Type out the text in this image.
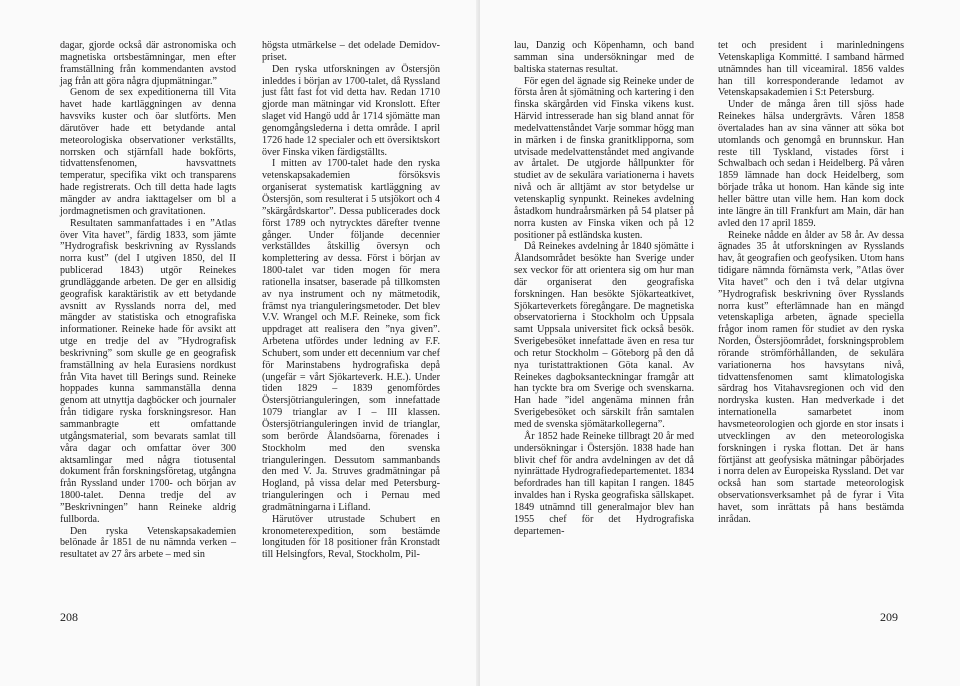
dagar, gjorde också där astronomiska och magnetiska ortsbestämningar, men efter framställning från kommendanten avstod jag från att göra några djupmätningar.”

Genom de sex expeditionerna till Vita havet hade kartläggningen av denna havsviks kuster och öar slutförts. Men därutöver hade ett betydande antal meteorologiska observationer verkställts, norrsken och stjärnfall hade bokförts, tidvattensfenomen, havsvattnets temperatur, specifika vikt och transparens hade registrerats. Och till detta hade lagts mängder av andra iakttagelser om bl a jordmagnetismen och gravitationen.

Resultaten sammanfattades i en ”Atlas över Vita havet”, färdig 1833, som jämte ”Hydrografisk beskrivning av Rysslands norra kust” (del I utgiven 1850, del II publicerad 1843) utgör Reinekes grundläggande arbeten. De ger en allsidig geografisk karaktäristik av ett betydande avsnitt av Rysslands norra del, med mängder av statistiska och etnografiska informationer. Reineke hade för avsikt att utge en tredje del av ”Hydrografisk beskrivning” som skulle ge en geografisk framställning av hela Eurasiens nordkust från Vita havet till Berings sund. Reineke hoppades kunna sammanställa denna genom att utnyttja dagböcker och journaler från tidigare ryska forskningsresor. Han sammanbragte ett omfattande utgångsmaterial, som bevarats samlat till våra dagar och omfattar över 300 aktsamlingar med några tiotusental dokument från forskningsföretag, utgångna från Ryssland under 1700- och början av 1800-talet. Denna tredje del av ”Beskrivningen” hann Reineke aldrig fullborda.

Den ryska Vetenskapsakademien belönade år 1851 de nu nämnda verken – resultatet av 27 års arbete – med sin

högsta utmärkelse – det odelade Demidov-priset.

Den ryska utforskningen av Östersjön inleddes i början av 1700-talet, då Ryssland just fått fast fot vid detta hav. Redan 1710 gjorde man mätningar vid Kronslott. Efter slaget vid Hangö udd år 1714 sjömätte man genomgångslederna i detta område. I april 1726 hade 12 specialer och ett översiktskort över Finska viken färdigställts.

I mitten av 1700-talet hade den ryska vetenskapsakademien försöksvis organiserat systematisk kartläggning av Östersjön, som resulterat i 5 utsjökort och 4 ”skärgårdskartor”. Dessa publicerades dock först 1789 och nytrycktes därefter tvenne gånger. Under följande decennier verkställdes åtskillig översyn och komplettering av dessa. Först i början av 1800-talet var tiden mogen för mera rationella insatser, baserade på tillkomsten av nya instrument och ny mätmetodik, främst nya trianguleringsmetoder. Det blev V.V. Wrangel och M.F. Reineke, som fick uppdraget att realisera den ”nya given”. Arbetena utfördes under ledning av F.F. Schubert, som under ett decennium var chef för Marinstabens hydrografiska depå (ungefär = vårt Sjökarteverk. H.E.). Under tiden 1829 – 1839 genomfördes Östersjötrianguleringen, som innefattade 1079 trianglar av I – III klassen. Östersjötrianguleringen invid de trianglar, som berörde Ålandsöarna, förenades i Stockholm med den svenska trianguleringen. Dessutom sammanbands den med V. Ja. Struves gradmätningar på Hogland, på vissa delar med Petersburg-trianguleringen och i Pernau med gradmätningarna i Lifland.

Härutöver utrustade Schubert en kronometerexpedition, som bestämde longituden för 18 positioner från Kronstadt till Helsingfors, Reval, Stockholm, Pil-

208

lau, Danzig och Köpenhamn, och band samman sina undersökningar med de baltiska staternas resultat.

För egen del ägnade sig Reineke under de första åren åt sjömätning och kartering i den finska skärgården vid Finska vikens kust. Härvid intresserade han sig bland annat för medelvattenståndet Varje sommar högg man in märken i de finska granitklipporna, som utvisade medelvattenståndet med angivande av årtalet. De utgjorde hållpunkter för studiet av de sekulära variationerna i havets nivå och är alltjämt av stor betydelse ur vetenskaplig synpunkt. Reinekes avdelning åstadkom hundraårsmärken på 54 platser på norra kusten av Finska viken och på 12 positioner på estländska kusten.

Då Reinekes avdelning år 1840 sjömätte i Ålandsområdet besökte han Sverige under sex veckor för att orientera sig om hur man där organiserat den geografiska forskningen. Han besökte Sjökarteatkivet, Sjökarteverkets föregångare. De magnetiska observatorierna i Stockholm och Uppsala samt Uppsala universitet fick också besök. Sverigebesöket innefattade även en resa tur och retur Stockholm – Göteborg på den då nya turistattraktionen Göta kanal. Av Reinekes dagboksanteckningar framgår att han tyckte bra om Sverige och svenskarna. Han hade ”idel angenäma minnen från Sverigebesöket och särskilt från samtalen med de svenska sjömätarkollegerna”.

År 1852 hade Reineke tillbragt 20 år med undersökningar i Östersjön. 1838 hade han blivit chef för andra avdelningen av det då nyinrättade Hydrografiedepartementet. 1834 befordrades han till kapitan I rangen. 1845 invaldes han i Ryska geografiska sällskapet. 1849 utnämnd till generalmajor blev han 1955 chef för det Hydrografiska departemen-

tet och president i marinledningens Vetenskapliga Kommitté. I samband härmed utnämndes han till viceamiral. 1856 valdes han till korresponderande ledamot av Vetenskapsakademien i S:t Petersburg.

Under de många åren till sjöss hade Reinekes hälsa undergrävts. Våren 1858 övertalades han av sina vänner att söka bot utomlands och genomgå en brunnskur. Han reste till Tyskland, vistades först i Schwalbach och sedan i Heidelberg. På våren 1859 lämnade han dock Heidelberg, som började tråka ut honom. Han kände sig inte heller bättre utan ville hem. Han kom dock inte längre än till Frankfurt am Main, där han avled den 17 april 1859.

Reineke nådde en ålder av 58 år. Av dessa ägnades 35 åt utforskningen av Rysslands hav, åt geografien och geofysiken. Utom hans tidigare nämnda förnämsta verk, ”Atlas över Vita havet” och den i två delar utgivna ”Hydrografisk beskrivning över Rysslands norra kust” efterlämnade han en mängd vetenskapliga arbeten, ägnade speciella frågor inom ramen för studiet av den ryska Norden, Östersjöområdet, forskningsproblem rörande strömförhållanden, de sekulära variationerna hos havsytans nivå, tidvattensfenomen samt klimatologiska särdrag hos Vitahavsregionen och vid den nordryska kusten. Han medverkade i det internationella samarbetet inom havsmeteorologien och gjorde en stor insats i utvecklingen av den meteorologiska forskningen i ryska flottan. Det är hans förtjänst att geofysiska mätningar påbörjades i norra delen av Europeiska Ryssland. Det var också han som startade meteorologisk observationsverksamhet på de fyrar i Vita havet, som inrättats på hans bestämda inrådan.

209
